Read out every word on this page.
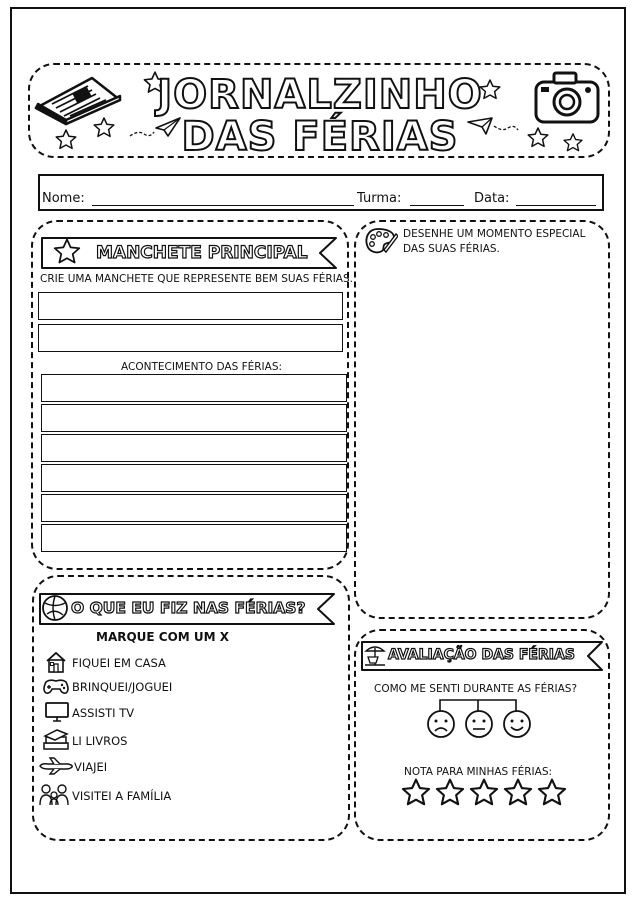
JORNALZINHO
DAS FÉRIAS
Nome:	Turma:	Data:
MANCHETE PRINCIPAL
CRIE UMA MANCHETE QUE REPRESENTE BEM SUAS FÉRIAS.
ACONTECIMENTO DAS FÉRIAS:
DESENHE UM MOMENTO ESPECIAL
DAS SUAS FÉRIAS.
O QUE EU FIZ NAS FÉRIAS?
MARQUE COM UM X
FIQUEI EM CASA
BRINQUEI/JOGUEI
ASSISTI TV
LI LIVROS
VIAJEI
VISITEI A FAMÍLIA
AVALIAÇÃO DAS FÉRIAS
COMO ME SENTI DURANTE AS FÉRIAS?
NOTA PARA MINHAS FÉRIAS:
